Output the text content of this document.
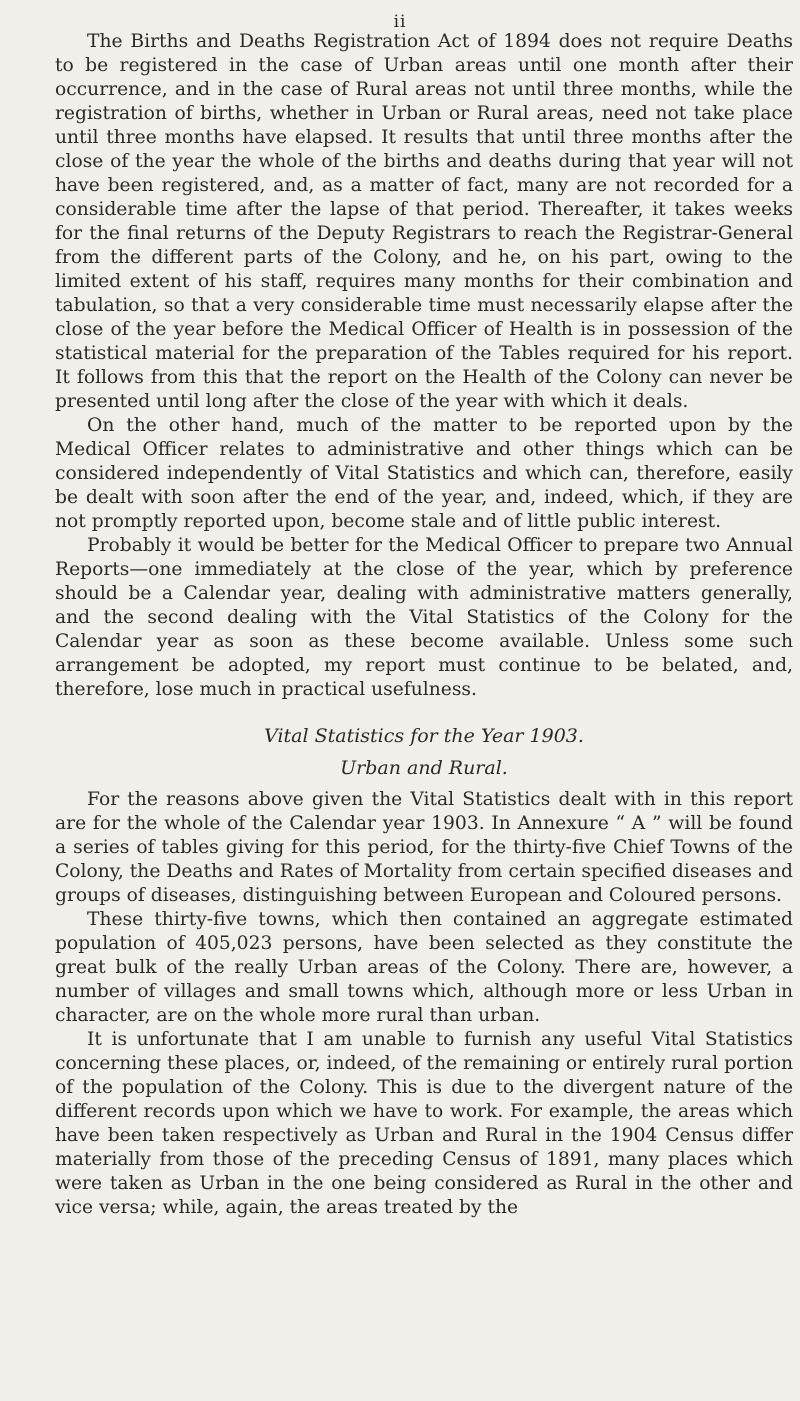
ii

The Births and Deaths Registration Act of 1894 does not require Deaths to be registered in the case of Urban areas until one month after their occurrence, and in the case of Rural areas not until three months, while the registration of births, whether in Urban or Rural areas, need not take place until three months have elapsed. It results that until three months after the close of the year the whole of the births and deaths during that year will not have been registered, and, as a matter of fact, many are not recorded for a considerable time after the lapse of that period. Thereafter, it takes weeks for the final returns of the Deputy Registrars to reach the Registrar-General from the different parts of the Colony, and he, on his part, owing to the limited extent of his staff, requires many months for their combination and tabulation, so that a very considerable time must necessarily elapse after the close of the year before the Medical Officer of Health is in possession of the statistical material for the preparation of the Tables required for his report. It follows from this that the report on the Health of the Colony can never be presented until long after the close of the year with which it deals.

On the other hand, much of the matter to be reported upon by the Medical Officer relates to administrative and other things which can be considered independently of Vital Statistics and which can, therefore, easily be dealt with soon after the end of the year, and, indeed, which, if they are not promptly reported upon, become stale and of little public interest.

Probably it would be better for the Medical Officer to prepare two Annual Reports—one immediately at the close of the year, which by preference should be a Calendar year, dealing with administrative matters generally, and the second dealing with the Vital Statistics of the Colony for the Calendar year as soon as these become available. Unless some such arrangement be adopted, my report must continue to be belated, and, therefore, lose much in practical usefulness.

Vital Statistics for the Year 1903.

Urban and Rural.

For the reasons above given the Vital Statistics dealt with in this report are for the whole of the Calendar year 1903. In Annexure “ A ” will be found a series of tables giving for this period, for the thirty-five Chief Towns of the Colony, the Deaths and Rates of Mortality from certain specified diseases and groups of diseases, distinguishing between European and Coloured persons.

These thirty-five towns, which then contained an aggregate estimated population of 405,023 persons, have been selected as they constitute the great bulk of the really Urban areas of the Colony. There are, however, a number of villages and small towns which, although more or less Urban in character, are on the whole more rural than urban.

It is unfortunate that I am unable to furnish any useful Vital Statistics concerning these places, or, indeed, of the remaining or entirely rural portion of the population of the Colony. This is due to the divergent nature of the different records upon which we have to work. For example, the areas which have been taken respectively as Urban and Rural in the 1904 Census differ materially from those of the preceding Census of 1891, many places which were taken as Urban in the one being considered as Rural in the other and vice versa; while, again, the areas treated by the
